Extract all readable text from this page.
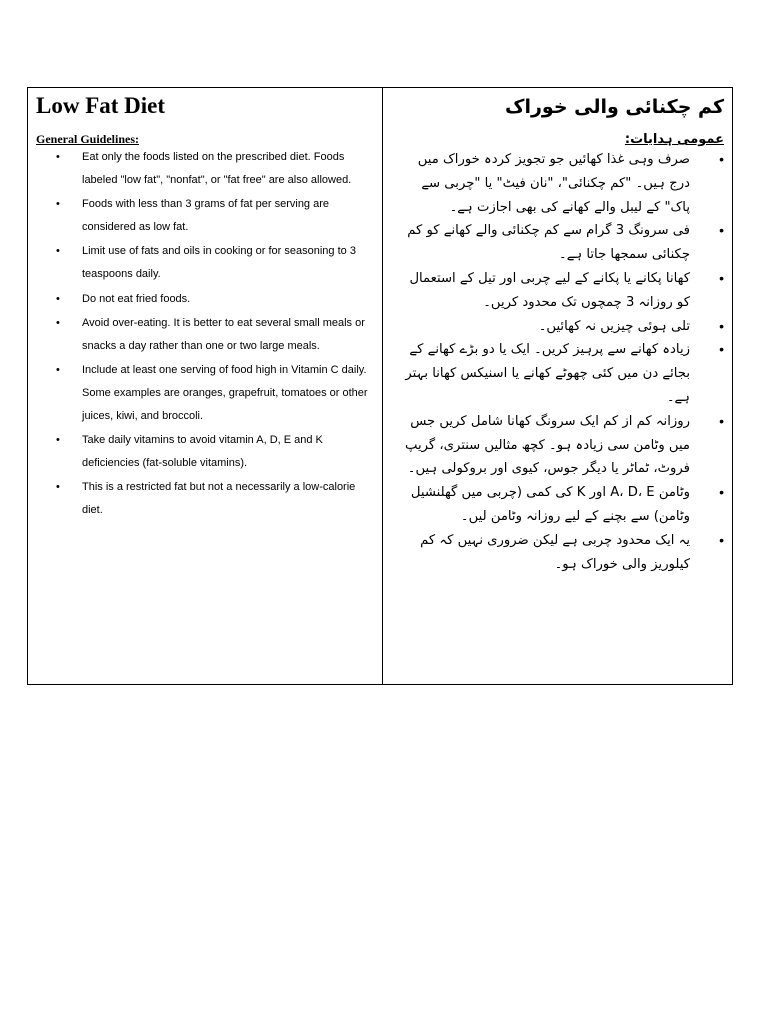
Low Fat Diet
General Guidelines:
• Eat only the foods listed on the prescribed diet. Foods labeled "low fat", "nonfat", or "fat free" are also allowed.
• Foods with less than 3 grams of fat per serving are considered as low fat.
• Limit use of fats and oils in cooking or for seasoning to 3 teaspoons daily.
• Do not eat fried foods.
• Avoid over-eating. It is better to eat several small meals or snacks a day rather than one or two large meals.
• Include at least one serving of food high in Vitamin C daily. Some examples are oranges, grapefruit, tomatoes or other juices, kiwi, and broccoli.
• Take daily vitamins to avoid vitamin A, D, E and K deficiencies (fat-soluble vitamins).
• This is a restricted fat but not a necessarily a low-calorie diet.
کم چکنائی والی خوراک
عمومی ہدایات:
•
صرف وہی غذا کھائیں جو تجویز کردہ خوراک میں درج ہیں۔ "کم چکنائی"، "نان فیٹ" یا "چربی سے پاک" کے لیبل والے کھانے کی بھی اجازت ہے۔
•
فی سرونگ 3 گرام سے کم چکنائی والے کھانے کو کم چکنائی سمجھا جاتا ہے۔
•
کھانا پکانے یا پکانے کے لیے چربی اور تیل کے استعمال کو روزانہ 3 چمچوں تک محدود کریں۔
•
تلی ہوئی چیزیں نہ کھائیں۔
•
زیادہ کھانے سے پرہیز کریں۔ ایک یا دو بڑے کھانے کے بجائے دن میں کئی چھوٹے کھانے یا اسنیکس کھانا بہتر ہے۔
•
روزانہ کم از کم ایک سرونگ کھانا شامل کریں جس میں وٹامن سی زیادہ ہو۔ کچھ مثالیں سنتری، گریپ فروٹ، ٹماٹر یا دیگر جوس، کیوی اور بروکولی ہیں۔
•
وٹامن A، D، E اور K کی کمی (چربی میں گھلنشیل وٹامن) سے بچنے کے لیے روزانہ وٹامن لیں۔
•
یہ ایک محدود چربی ہے لیکن ضروری نہیں کہ کم کیلوریز والی خوراک ہو۔
